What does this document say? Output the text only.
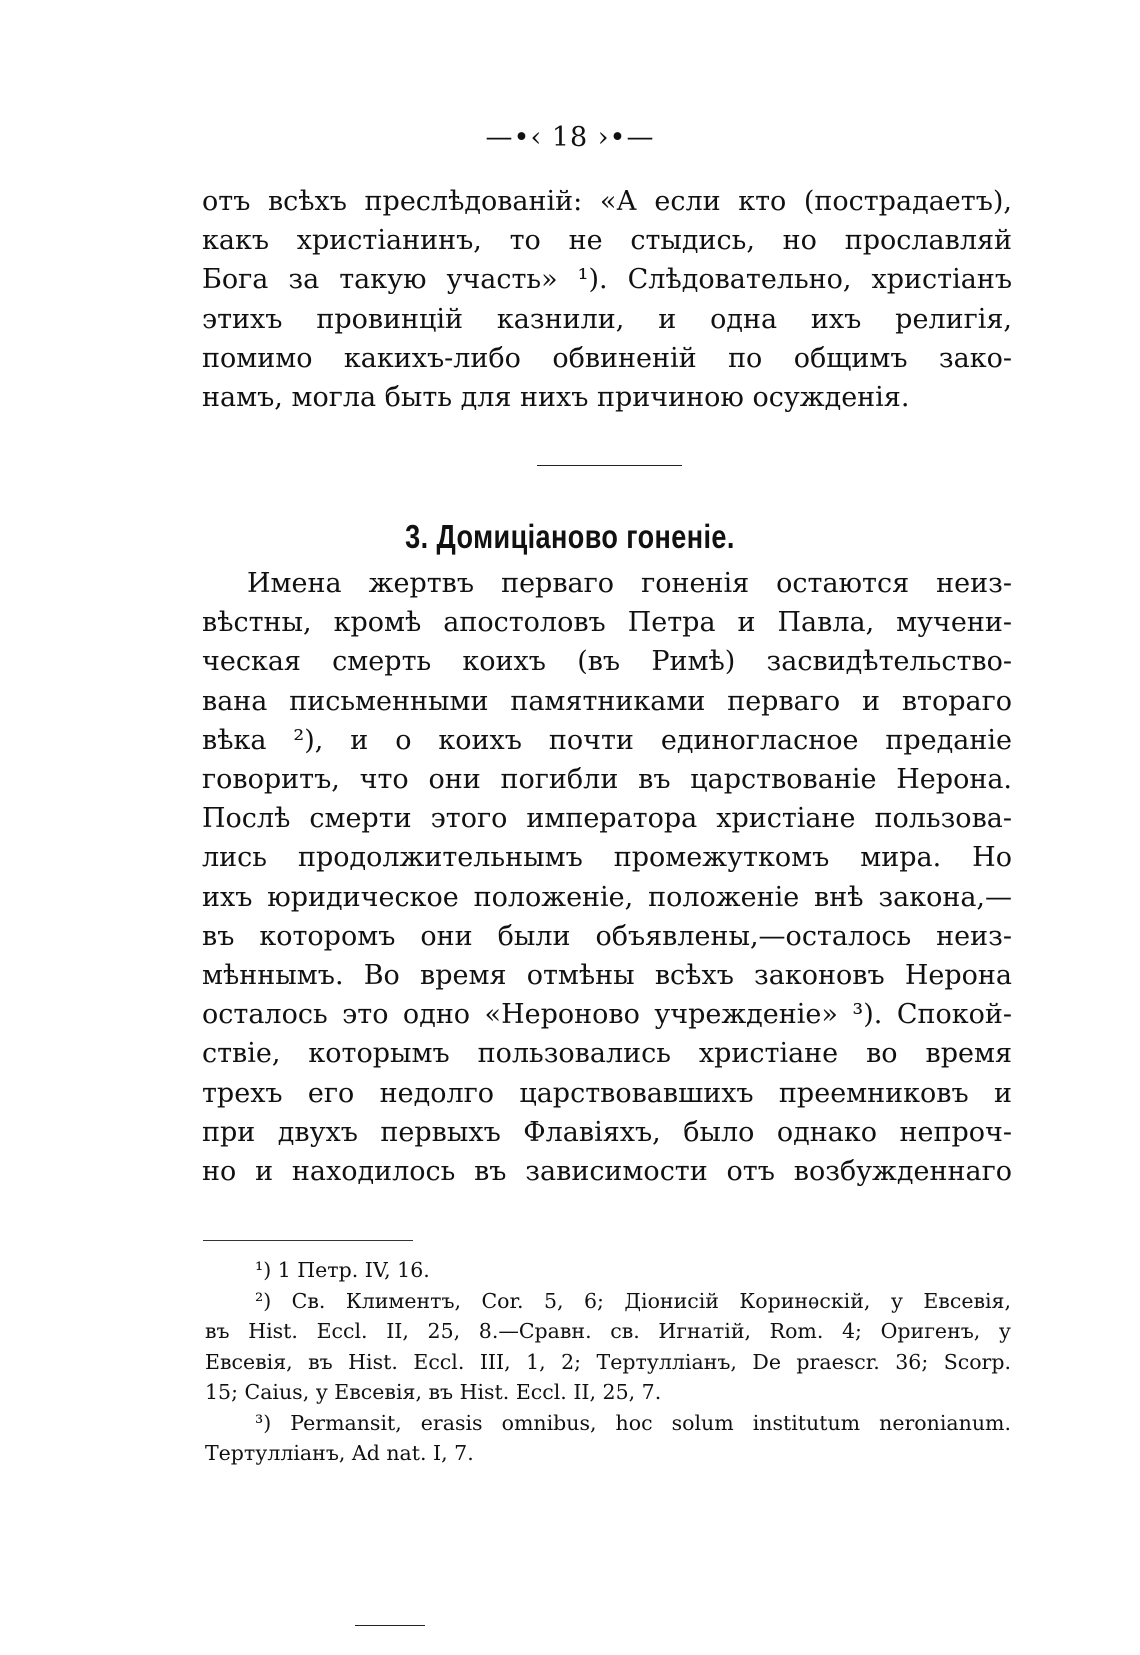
—•‹ 18 ›•—
отъ всѣхъ преслѣдованій: «А если кто (пострадаетъ),
какъ христіанинъ, то не стыдись, но прославляй
Бога за такую участь» ¹). Слѣдовательно, христіанъ
этихъ провинцій казнили, и одна ихъ религія,
помимо какихъ-либо обвиненій по общимъ зако-
намъ, могла быть для нихъ причиною осужденія.
3. Домиціаново гоненіе.
Имена жертвъ перваго гоненія остаются неиз-
вѣстны, кромѣ апостоловъ Петра и Павла, мучени-
ческая смерть коихъ (въ Римѣ) засвидѣтельство-
вана письменными памятниками перваго и втораго
вѣка ²), и о коихъ почти единогласное преданіе
говоритъ, что они погибли въ царствованіе Нерона.
Послѣ смерти этого императора христіане пользова-
лись продолжительнымъ промежуткомъ мира. Но
ихъ юридическое положеніе, положеніе внѣ закона,—
въ которомъ они были объявлены,—осталось неиз-
мѣннымъ. Во время отмѣны всѣхъ законовъ Нерона
осталось это одно «Нероново учрежденіе» ³). Спокой-
ствіе, которымъ пользовались христіане во время
трехъ его недолго царствовавшихъ преемниковъ и
при двухъ первыхъ Флавіяхъ, было однако непроч-
но и находилось въ зависимости отъ возбужденнаго
¹) 1 Петр. IV, 16.
²) Св. Климентъ, Cor. 5, 6; Діонисій Коринѳскій, у Евсевія,
въ Hist. Eccl. II, 25, 8.—Сравн. св. Игнатій, Rom. 4; Оригенъ, у
Евсевія, въ Hist. Eccl. III, 1, 2; Тертулліанъ, De praescr. 36; Scorp.
15; Caius, у Евсевія, въ Hist. Eccl. II, 25, 7.
³) Permansit, erasis omnibus, hoc solum institutum neronianum.
Тертулліанъ, Ad nat. I, 7.
